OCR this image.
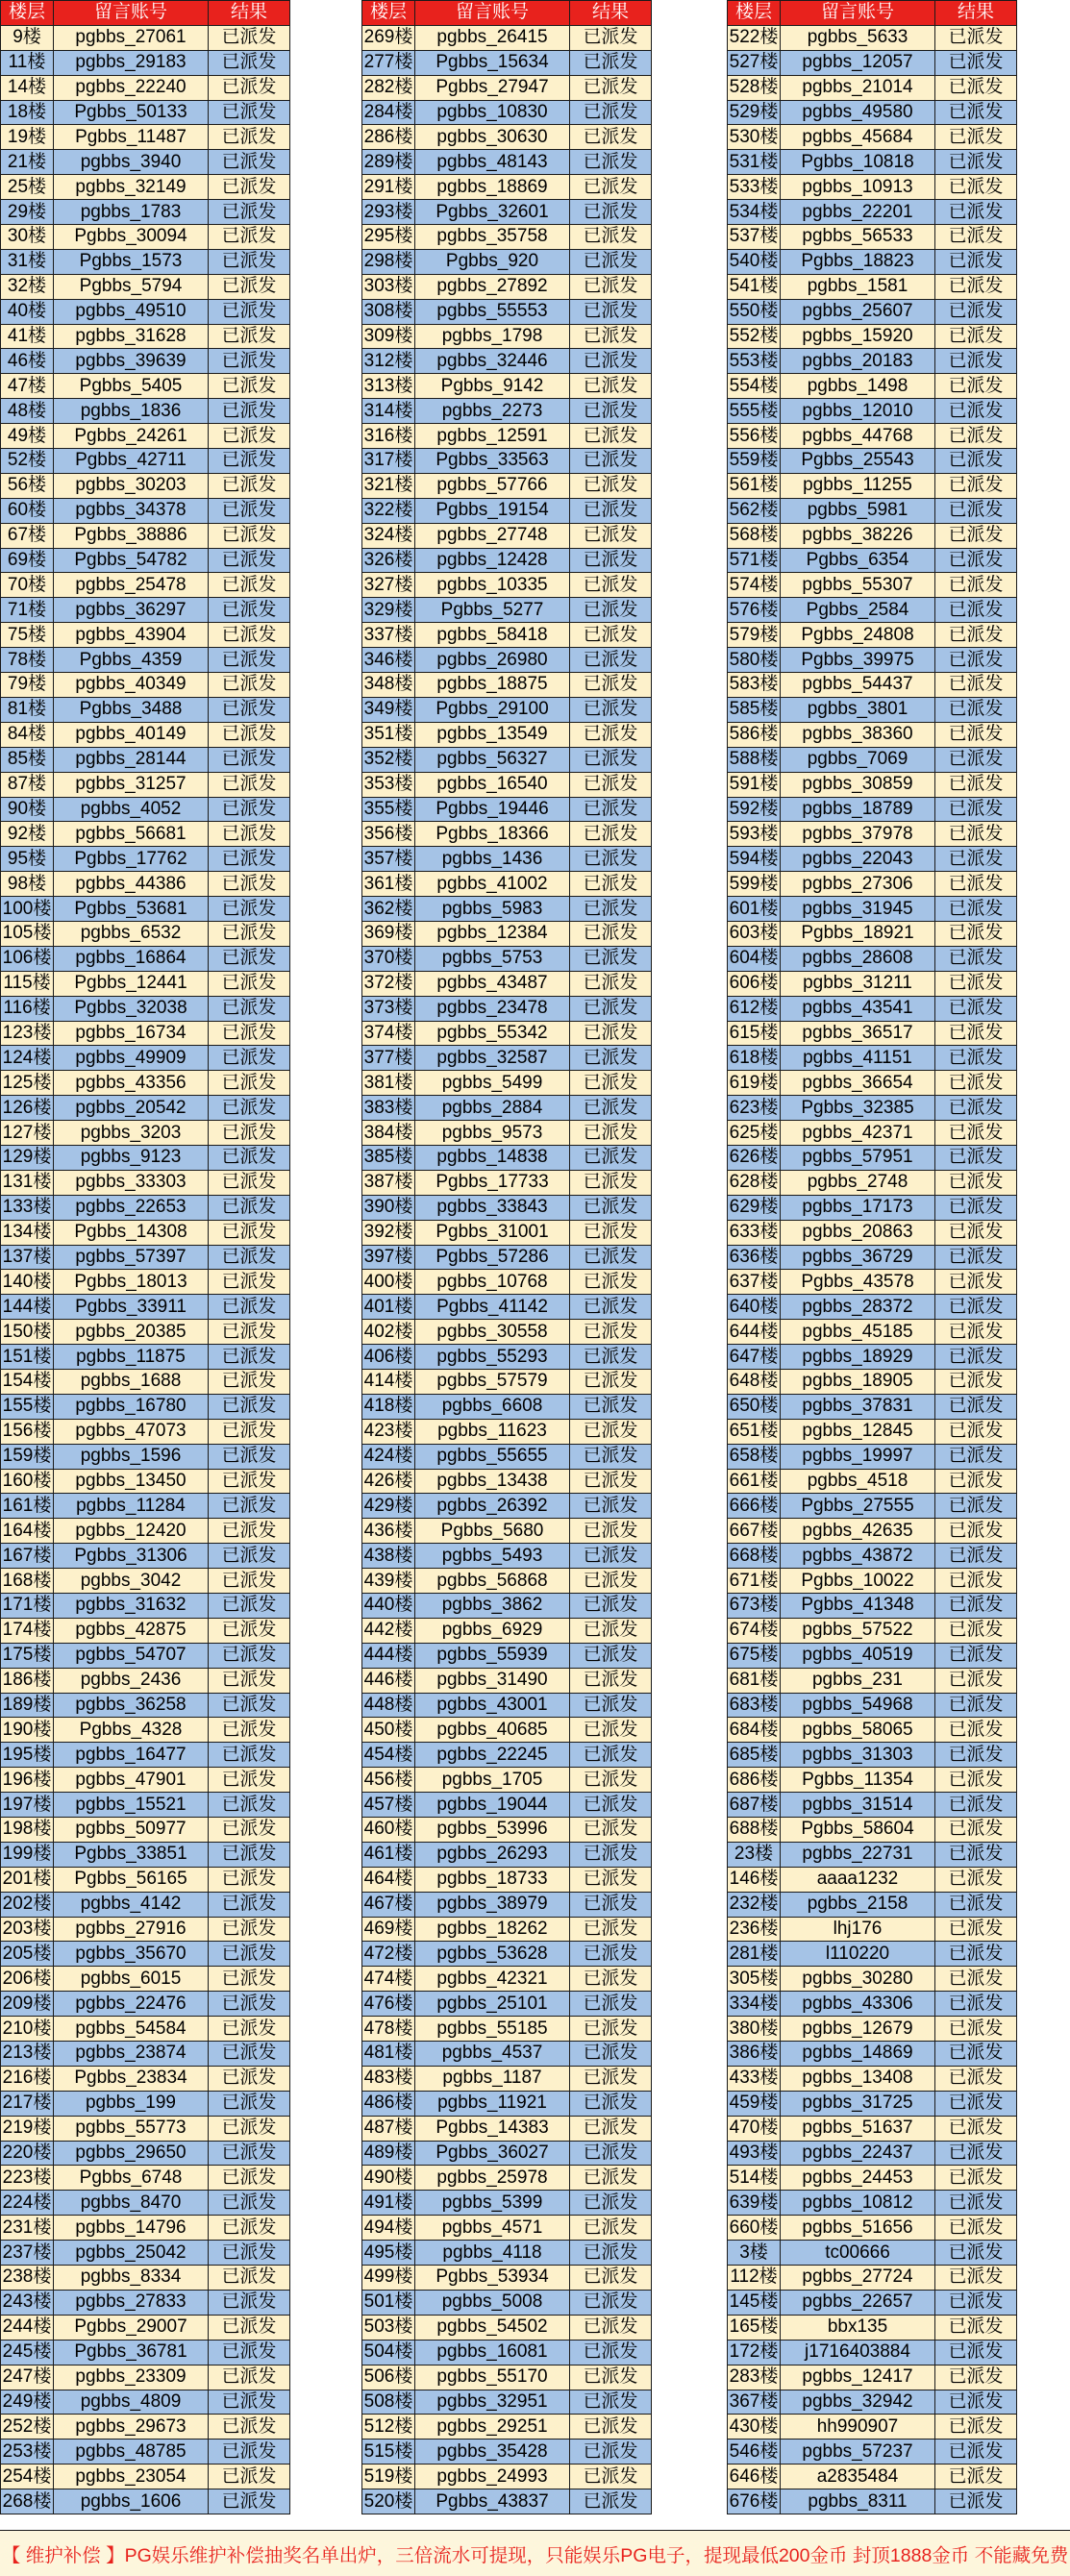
楼层	留言账号	结果
9楼	pgbbs_27061	已派发
11楼	pgbbs_29183	已派发
14楼	pgbbs_22240	已派发
18楼	Pgbbs_50133	已派发
19楼	Pgbbs_11487	已派发
21楼	pgbbs_3940	已派发
25楼	pgbbs_32149	已派发
29楼	pgbbs_1783	已派发
30楼	Pgbbs_30094	已派发
31楼	Pgbbs_1573	已派发
32楼	Pgbbs_5794	已派发
40楼	pgbbs_49510	已派发
41楼	pgbbs_31628	已派发
46楼	pgbbs_39639	已派发
47楼	Pgbbs_5405	已派发
48楼	pgbbs_1836	已派发
49楼	Pgbbs_24261	已派发
52楼	Pgbbs_42711	已派发
56楼	pgbbs_30203	已派发
60楼	pgbbs_34378	已派发
67楼	Pgbbs_38886	已派发
69楼	Pgbbs_54782	已派发
70楼	pgbbs_25478	已派发
71楼	pgbbs_36297	已派发
75楼	pgbbs_43904	已派发
78楼	Pgbbs_4359	已派发
79楼	pgbbs_40349	已派发
81楼	Pgbbs_3488	已派发
84楼	pgbbs_40149	已派发
85楼	pgbbs_28144	已派发
87楼	pgbbs_31257	已派发
90楼	pgbbs_4052	已派发
92楼	pgbbs_56681	已派发
95楼	Pgbbs_17762	已派发
98楼	pgbbs_44386	已派发
100楼	Pgbbs_53681	已派发
105楼	pgbbs_6532	已派发
106楼	pgbbs_16864	已派发
115楼	Pgbbs_12441	已派发
116楼	Pgbbs_32038	已派发
123楼	pgbbs_16734	已派发
124楼	pgbbs_49909	已派发
125楼	pgbbs_43356	已派发
126楼	pgbbs_20542	已派发
127楼	pgbbs_3203	已派发
129楼	pgbbs_9123	已派发
131楼	pgbbs_33303	已派发
133楼	pgbbs_22653	已派发
134楼	Pgbbs_14308	已派发
137楼	pgbbs_57397	已派发
140楼	Pgbbs_18013	已派发
144楼	Pgbbs_33911	已派发
150楼	pgbbs_20385	已派发
151楼	pgbbs_11875	已派发
154楼	pgbbs_1688	已派发
155楼	pgbbs_16780	已派发
156楼	pgbbs_47073	已派发
159楼	pgbbs_1596	已派发
160楼	pgbbs_13450	已派发
161楼	pgbbs_11284	已派发
164楼	pgbbs_12420	已派发
167楼	Pgbbs_31306	已派发
168楼	pgbbs_3042	已派发
171楼	pgbbs_31632	已派发
174楼	pgbbs_42875	已派发
175楼	pgbbs_54707	已派发
186楼	pgbbs_2436	已派发
189楼	pgbbs_36258	已派发
190楼	Pgbbs_4328	已派发
195楼	pgbbs_16477	已派发
196楼	pgbbs_47901	已派发
197楼	pgbbs_15521	已派发
198楼	pgbbs_50977	已派发
199楼	Pgbbs_33851	已派发
201楼	Pgbbs_56165	已派发
202楼	pgbbs_4142	已派发
203楼	pgbbs_27916	已派发
205楼	pgbbs_35670	已派发
206楼	pgbbs_6015	已派发
209楼	pgbbs_22476	已派发
210楼	pgbbs_54584	已派发
213楼	pgbbs_23874	已派发
216楼	Pgbbs_23834	已派发
217楼	pgbbs_199	已派发
219楼	pgbbs_55773	已派发
220楼	pgbbs_29650	已派发
223楼	Pgbbs_6748	已派发
224楼	pgbbs_8470	已派发
231楼	pgbbs_14796	已派发
237楼	pgbbs_25042	已派发
238楼	pgbbs_8334	已派发
243楼	pgbbs_27833	已派发
244楼	Pgbbs_29007	已派发
245楼	Pgbbs_36781	已派发
247楼	pgbbs_23309	已派发
249楼	pgbbs_4809	已派发
252楼	pgbbs_29673	已派发
253楼	pgbbs_48785	已派发
254楼	pgbbs_23054	已派发
268楼	pgbbs_1606	已派发
楼层	留言账号	结果
269楼	pgbbs_26415	已派发
277楼	Pgbbs_15634	已派发
282楼	Pgbbs_27947	已派发
284楼	pgbbs_10830	已派发
286楼	pgbbs_30630	已派发
289楼	pgbbs_48143	已派发
291楼	pgbbs_18869	已派发
293楼	Pgbbs_32601	已派发
295楼	pgbbs_35758	已派发
298楼	Pgbbs_920	已派发
303楼	pgbbs_27892	已派发
308楼	pgbbs_55553	已派发
309楼	pgbbs_1798	已派发
312楼	pgbbs_32446	已派发
313楼	Pgbbs_9142	已派发
314楼	pgbbs_2273	已派发
316楼	pgbbs_12591	已派发
317楼	Pgbbs_33563	已派发
321楼	pgbbs_57766	已派发
322楼	Pgbbs_19154	已派发
324楼	pgbbs_27748	已派发
326楼	pgbbs_12428	已派发
327楼	pgbbs_10335	已派发
329楼	Pgbbs_5277	已派发
337楼	pgbbs_58418	已派发
346楼	pgbbs_26980	已派发
348楼	pgbbs_18875	已派发
349楼	Pgbbs_29100	已派发
351楼	pgbbs_13549	已派发
352楼	pgbbs_56327	已派发
353楼	pgbbs_16540	已派发
355楼	Pgbbs_19446	已派发
356楼	Pgbbs_18366	已派发
357楼	pgbbs_1436	已派发
361楼	pgbbs_41002	已派发
362楼	pgbbs_5983	已派发
369楼	pgbbs_12384	已派发
370楼	pgbbs_5753	已派发
372楼	pgbbs_43487	已派发
373楼	pgbbs_23478	已派发
374楼	pgbbs_55342	已派发
377楼	pgbbs_32587	已派发
381楼	pgbbs_5499	已派发
383楼	pgbbs_2884	已派发
384楼	pgbbs_9573	已派发
385楼	pgbbs_14838	已派发
387楼	Pgbbs_17733	已派发
390楼	pgbbs_33843	已派发
392楼	Pgbbs_31001	已派发
397楼	Pgbbs_57286	已派发
400楼	pgbbs_10768	已派发
401楼	Pgbbs_41142	已派发
402楼	pgbbs_30558	已派发
406楼	pgbbs_55293	已派发
414楼	pgbbs_57579	已派发
418楼	pgbbs_6608	已派发
423楼	pgbbs_11623	已派发
424楼	pgbbs_55655	已派发
426楼	pgbbs_13438	已派发
429楼	pgbbs_26392	已派发
436楼	Pgbbs_5680	已派发
438楼	pgbbs_5493	已派发
439楼	pgbbs_56868	已派发
440楼	pgbbs_3862	已派发
442楼	pgbbs_6929	已派发
444楼	pgbbs_55939	已派发
446楼	pgbbs_31490	已派发
448楼	pgbbs_43001	已派发
450楼	pgbbs_40685	已派发
454楼	pgbbs_22245	已派发
456楼	pgbbs_1705	已派发
457楼	pgbbs_19044	已派发
460楼	pgbbs_53996	已派发
461楼	pgbbs_26293	已派发
464楼	pgbbs_18733	已派发
467楼	pgbbs_38979	已派发
469楼	pgbbs_18262	已派发
472楼	pgbbs_53628	已派发
474楼	pgbbs_42321	已派发
476楼	pgbbs_25101	已派发
478楼	pgbbs_55185	已派发
481楼	pgbbs_4537	已派发
483楼	pgbbs_1187	已派发
486楼	pgbbs_11921	已派发
487楼	Pgbbs_14383	已派发
489楼	Pgbbs_36027	已派发
490楼	pgbbs_25978	已派发
491楼	pgbbs_5399	已派发
494楼	pgbbs_4571	已派发
495楼	pgbbs_4118	已派发
499楼	Pgbbs_53934	已派发
501楼	pgbbs_5008	已派发
503楼	pgbbs_54502	已派发
504楼	pgbbs_16081	已派发
506楼	pgbbs_55170	已派发
508楼	pgbbs_32951	已派发
512楼	pgbbs_29251	已派发
515楼	pgbbs_35428	已派发
519楼	pgbbs_24993	已派发
520楼	Pgbbs_43837	已派发
楼层	留言账号	结果
522楼	pgbbs_5633	已派发
527楼	pgbbs_12057	已派发
528楼	pgbbs_21014	已派发
529楼	pgbbs_49580	已派发
530楼	pgbbs_45684	已派发
531楼	Pgbbs_10818	已派发
533楼	pgbbs_10913	已派发
534楼	pgbbs_22201	已派发
537楼	pgbbs_56533	已派发
540楼	Pgbbs_18823	已派发
541楼	pgbbs_1581	已派发
550楼	pgbbs_25607	已派发
552楼	pgbbs_15920	已派发
553楼	pgbbs_20183	已派发
554楼	pgbbs_1498	已派发
555楼	pgbbs_12010	已派发
556楼	pgbbs_44768	已派发
559楼	Pgbbs_25543	已派发
561楼	pgbbs_11255	已派发
562楼	pgbbs_5981	已派发
568楼	pgbbs_38226	已派发
571楼	Pgbbs_6354	已派发
574楼	pgbbs_55307	已派发
576楼	Pgbbs_2584	已派发
579楼	Pgbbs_24808	已派发
580楼	Pgbbs_39975	已派发
583楼	pgbbs_54437	已派发
585楼	pgbbs_3801	已派发
586楼	pgbbs_38360	已派发
588楼	pgbbs_7069	已派发
591楼	pgbbs_30859	已派发
592楼	pgbbs_18789	已派发
593楼	pgbbs_37978	已派发
594楼	pgbbs_22043	已派发
599楼	pgbbs_27306	已派发
601楼	pgbbs_31945	已派发
603楼	Pgbbs_18921	已派发
604楼	pgbbs_28608	已派发
606楼	pgbbs_31211	已派发
612楼	pgbbs_43541	已派发
615楼	pgbbs_36517	已派发
618楼	pgbbs_41151	已派发
619楼	pgbbs_36654	已派发
623楼	Pgbbs_32385	已派发
625楼	pgbbs_42371	已派发
626楼	pgbbs_57951	已派发
628楼	pgbbs_2748	已派发
629楼	pgbbs_17173	已派发
633楼	pgbbs_20863	已派发
636楼	pgbbs_36729	已派发
637楼	Pgbbs_43578	已派发
640楼	pgbbs_28372	已派发
644楼	pgbbs_45185	已派发
647楼	pgbbs_18929	已派发
648楼	pgbbs_18905	已派发
650楼	pgbbs_37831	已派发
651楼	pgbbs_12845	已派发
658楼	pgbbs_19997	已派发
661楼	pgbbs_4518	已派发
666楼	Pgbbs_27555	已派发
667楼	pgbbs_42635	已派发
668楼	pgbbs_43872	已派发
671楼	Pgbbs_10022	已派发
673楼	Pgbbs_41348	已派发
674楼	pgbbs_57522	已派发
675楼	pgbbs_40519	已派发
681楼	pgbbs_231	已派发
683楼	pgbbs_54968	已派发
684楼	pgbbs_58065	已派发
685楼	pgbbs_31303	已派发
686楼	Pgbbs_11354	已派发
687楼	pgbbs_31514	已派发
688楼	Pgbbs_58604	已派发
23楼	pgbbs_22731	已派发
146楼	aaaa1232	已派发
232楼	pgbbs_2158	已派发
236楼	lhj176	已派发
281楼	l110220	已派发
305楼	pgbbs_30280	已派发
334楼	pgbbs_43306	已派发
380楼	pgbbs_12679	已派发
386楼	pgbbs_14869	已派发
433楼	pgbbs_13408	已派发
459楼	pgbbs_31725	已派发
470楼	pgbbs_51637	已派发
493楼	pgbbs_22437	已派发
514楼	pgbbs_24453	已派发
639楼	pgbbs_10812	已派发
660楼	pgbbs_51656	已派发
3楼	tc00666	已派发
112楼	pgbbs_27724	已派发
145楼	pgbbs_22657	已派发
165楼	bbx135	已派发
172楼	j1716403884	已派发
283楼	pgbbs_12417	已派发
367楼	pgbbs_32942	已派发
430楼	hh990907	已派发
546楼	pgbbs_57237	已派发
646楼	a2835484	已派发
676楼	pgbbs_8311	已派发
【 维护补偿 】PG娱乐维护补偿抽奖名单出炉，三倍流水可提现，只能娱乐PG电子，提现最低200金币 封顶1888金币 不能藏免费
